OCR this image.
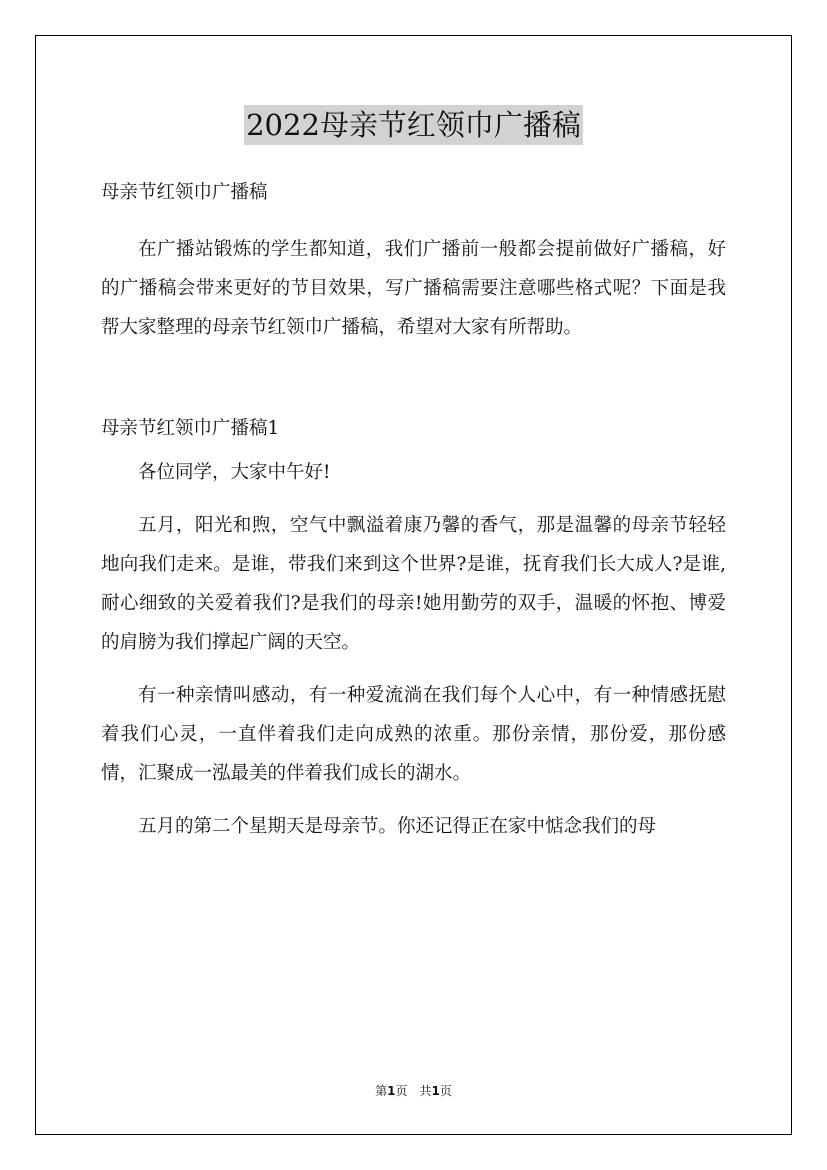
2022母亲节红领巾广播稿

母亲节红领巾广播稿

在广播站锻炼的学生都知道，我们广播前一般都会提前做好广播稿，好的广播稿会带来更好的节目效果，写广播稿需要注意哪些格式呢？下面是我帮大家整理的母亲节红领巾广播稿，希望对大家有所帮助。

母亲节红领巾广播稿1

各位同学，大家中午好!

五月，阳光和煦，空气中飘溢着康乃馨的香气，那是温馨的母亲节轻轻地向我们走来。是谁，带我们来到这个世界?是谁，抚育我们长大成人?是谁,耐心细致的关爱着我们?是我们的母亲!她用勤劳的双手，温暖的怀抱、博爱的肩膀为我们撑起广阔的天空。

有一种亲情叫感动，有一种爱流淌在我们每个人心中，有一种情感抚慰着我们心灵，一直伴着我们走向成熟的浓重。那份亲情，那份爱，那份感情，汇聚成一泓最美的伴着我们成长的湖水。

五月的第二个星期天是母亲节。你还记得正在家中惦念我们的母

第1页　共1页
